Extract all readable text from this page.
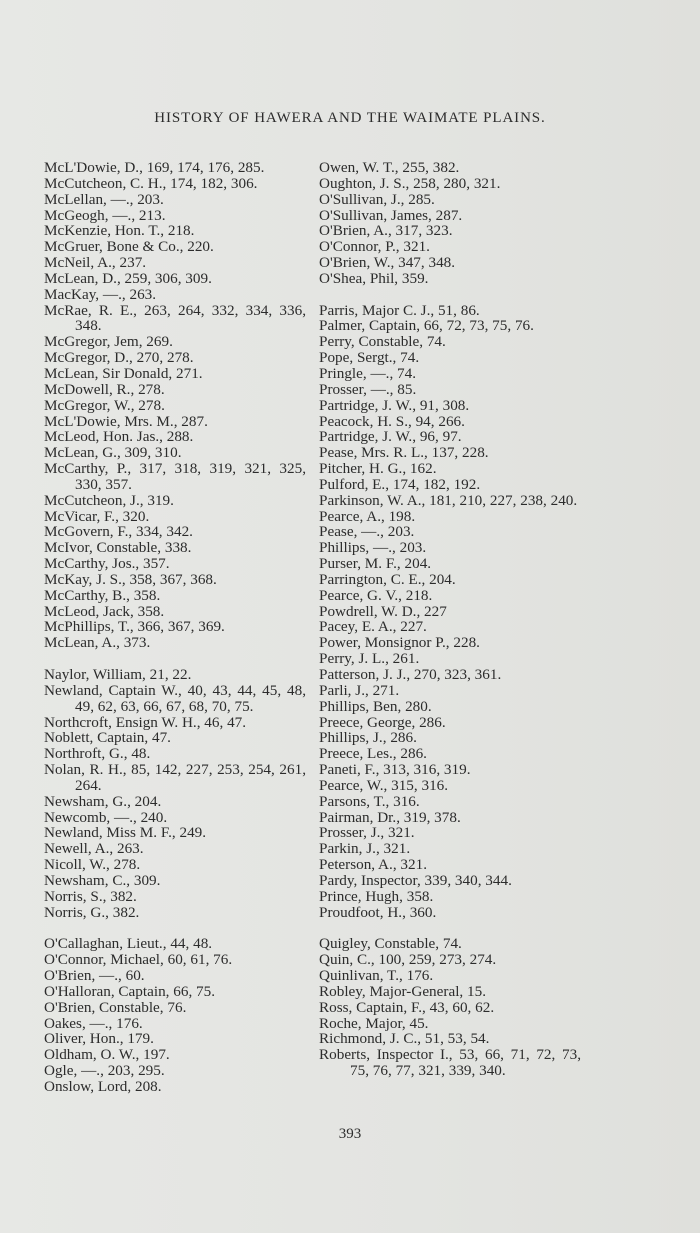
HISTORY OF HAWERA AND THE WAIMATE PLAINS.
McL'Dowie, D., 169, 174, 176, 285.
McCutcheon, C. H., 174, 182, 306.
McLellan, —., 203.
McGeogh, —., 213.
McKenzie, Hon. T., 218.
McGruer, Bone & Co., 220.
McNeil, A., 237.
McLean, D., 259, 306, 309.
MacKay, —., 263.
McRae, R. E., 263, 264, 332, 334, 336, 348.
McGregor, Jem, 269.
McGregor, D., 270, 278.
McLean, Sir Donald, 271.
McDowell, R., 278.
McGregor, W., 278.
McL'Dowie, Mrs. M., 287.
McLeod, Hon. Jas., 288.
McLean, G., 309, 310.
McCarthy, P., 317, 318, 319, 321, 325, 330, 357.
McCutcheon, J., 319.
McVicar, F., 320.
McGovern, F., 334, 342.
McIvor, Constable, 338.
McCarthy, Jos., 357.
McKay, J. S., 358, 367, 368.
McCarthy, B., 358.
McLeod, Jack, 358.
McPhillips, T., 366, 367, 369.
McLean, A., 373.
Naylor, William, 21, 22.
Newland, Captain W., 40, 43, 44, 45, 48, 49, 62, 63, 66, 67, 68, 70, 75.
Northcroft, Ensign W. H., 46, 47.
Noblett, Captain, 47.
Northroft, G., 48.
Nolan, R. H., 85, 142, 227, 253, 254, 261, 264.
Newsham, G., 204.
Newcomb, —., 240.
Newland, Miss M. F., 249.
Newell, A., 263.
Nicoll, W., 278.
Newsham, C., 309.
Norris, S., 382.
Norris, G., 382.
O'Callaghan, Lieut., 44, 48.
O'Connor, Michael, 60, 61, 76.
O'Brien, —., 60.
O'Halloran, Captain, 66, 75.
O'Brien, Constable, 76.
Oakes, —., 176.
Oliver, Hon., 179.
Oldham, O. W., 197.
Ogle, —., 203, 295.
Onslow, Lord, 208.
Owen, W. T., 255, 382.
Oughton, J. S., 258, 280, 321.
O'Sullivan, J., 285.
O'Sullivan, James, 287.
O'Brien, A., 317, 323.
O'Connor, P., 321.
O'Brien, W., 347, 348.
O'Shea, Phil, 359.
Parris, Major C. J., 51, 86.
Palmer, Captain, 66, 72, 73, 75, 76.
Perry, Constable, 74.
Pope, Sergt., 74.
Pringle, —., 74.
Prosser, —., 85.
Partridge, J. W., 91, 308.
Peacock, H. S., 94, 266.
Partridge, J. W., 96, 97.
Pease, Mrs. R. L., 137, 228.
Pitcher, H. G., 162.
Pulford, E., 174, 182, 192.
Parkinson, W. A., 181, 210, 227, 238, 240.
Pearce, A., 198.
Pease, —., 203.
Phillips, —., 203.
Purser, M. F., 204.
Parrington, C. E., 204.
Pearce, G. V., 218.
Powdrell, W. D., 227
Pacey, E. A., 227.
Power, Monsignor P., 228.
Perry, J. L., 261.
Patterson, J. J., 270, 323, 361.
Parli, J., 271.
Phillips, Ben, 280.
Preece, George, 286.
Phillips, J., 286.
Preece, Les., 286.
Paneti, F., 313, 316, 319.
Pearce, W., 315, 316.
Parsons, T., 316.
Pairman, Dr., 319, 378.
Prosser, J., 321.
Parkin, J., 321.
Peterson, A., 321.
Pardy, Inspector, 339, 340, 344.
Prince, Hugh, 358.
Proudfoot, H., 360.
Quigley, Constable, 74.
Quin, C., 100, 259, 273, 274.
Quinlivan, T., 176.
Robley, Major-General, 15.
Ross, Captain, F., 43, 60, 62.
Roche, Major, 45.
Richmond, J. C., 51, 53, 54.
Roberts, Inspector I., 53, 66, 71, 72, 73, 75, 76, 77, 321, 339, 340.
393
